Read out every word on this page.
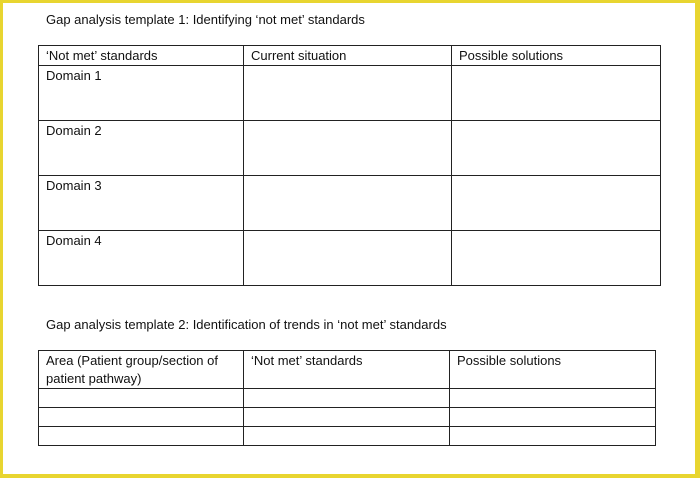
Gap analysis template 1: Identifying ‘not met’ standards
‘Not met’ standards	Current situation	Possible solutions
Domain 1		
Domain 2		
Domain 3		
Domain 4		
Gap analysis template 2: Identification of trends in ‘not met’ standards
Area (Patient group/section of patient pathway)	‘Not met’ standards	Possible solutions
